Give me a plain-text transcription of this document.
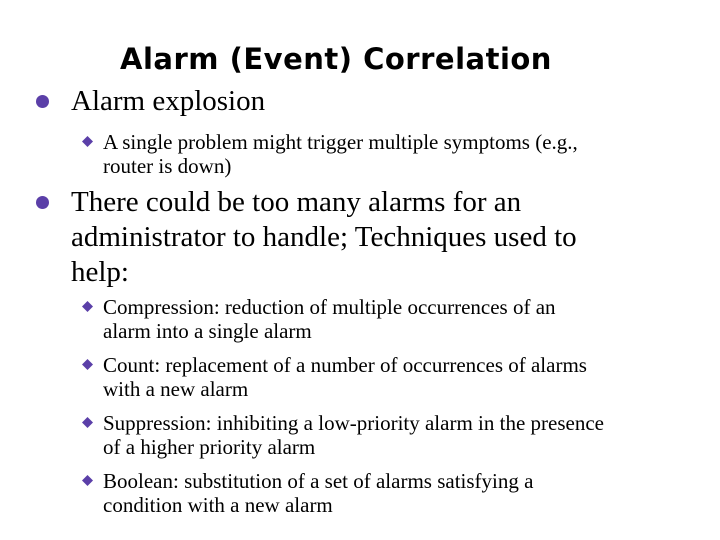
Alarm (Event) Correlation
Alarm explosion
A single problem might trigger multiple symptoms (e.g.,
router is down)
There could be too many alarms for an
administrator to handle; Techniques used to
help:
Compression: reduction of multiple occurrences of an
alarm into a single alarm
Count: replacement of a number of occurrences of alarms
with a new alarm
Suppression: inhibiting a low-priority alarm in the presence
of a higher priority alarm
Boolean: substitution of a set of alarms satisfying a
condition with a new alarm
